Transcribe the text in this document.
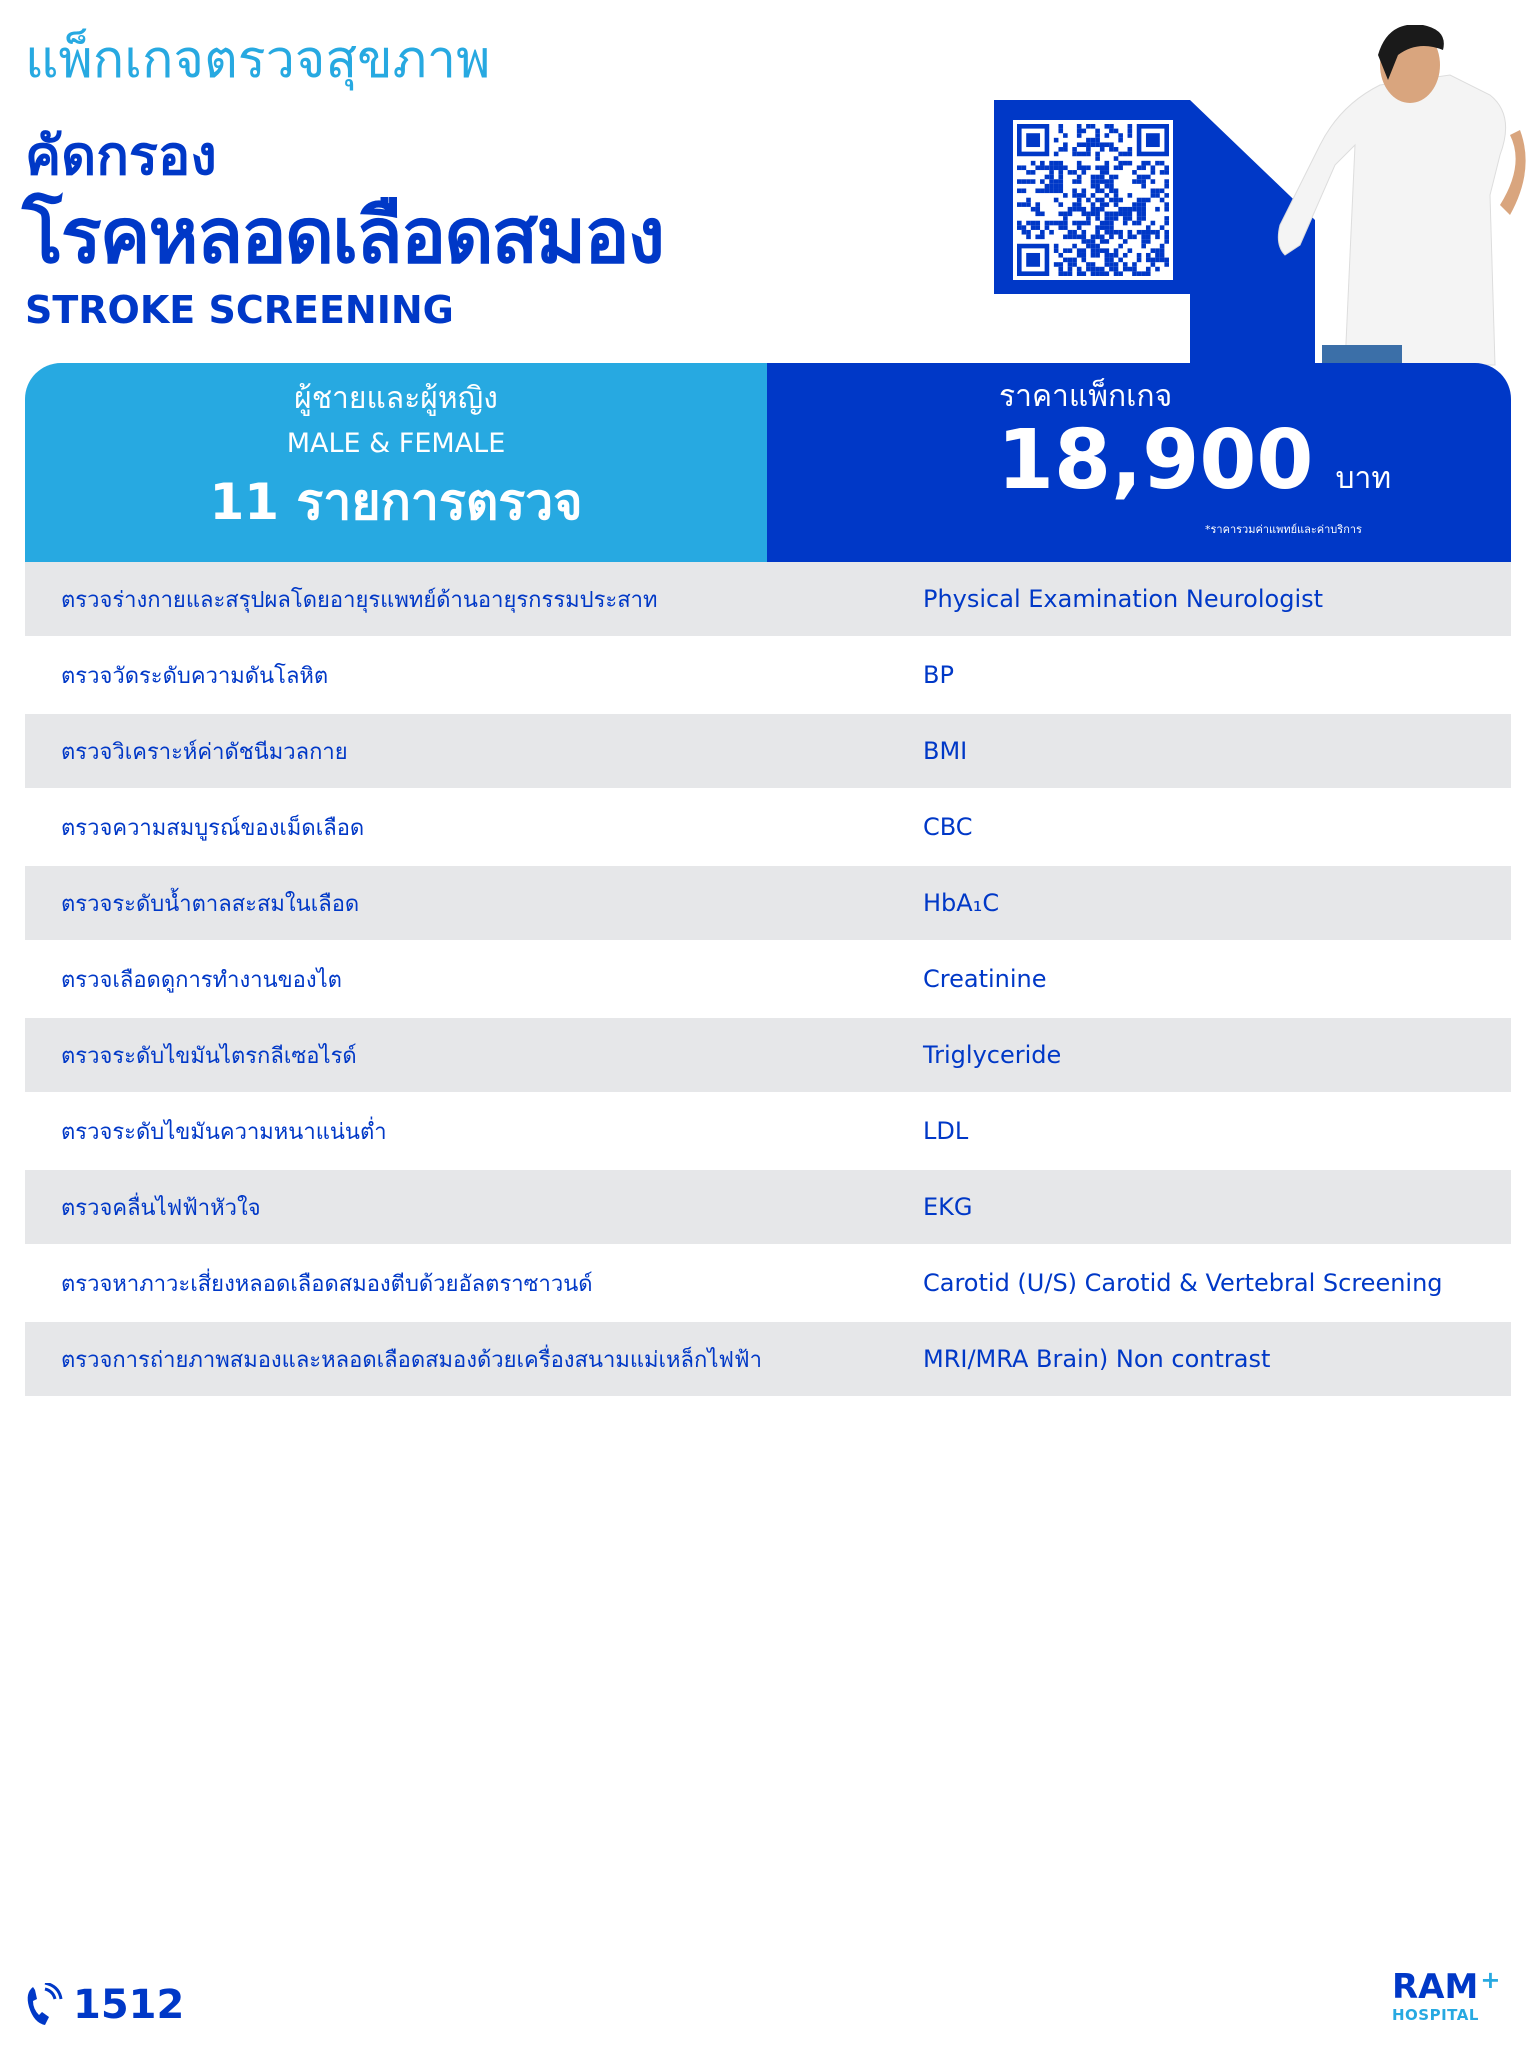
แพ็กเกจตรวจสุขภาพ
คัดกรอง
โรคหลอดเลือดสมอง
STROKE SCREENING
ผู้ชายและผู้หญิง
MALE & FEMALE
11 รายการตรวจ
ราคาแพ็กเกจ
18,900 บาท
*ราคารวมค่าแพทย์และค่าบริการ
ตรวจร่างกายและสรุปผลโดยอายุรแพทย์ด้านอายุรกรรมประสาท	Physical Examination Neurologist
ตรวจวัดระดับความดันโลหิต	BP
ตรวจวิเคราะห์ค่าดัชนีมวลกาย	BMI
ตรวจความสมบูรณ์ของเม็ดเลือด	CBC
ตรวจระดับน้ำตาลสะสมในเลือด	HbA₁C
ตรวจเลือดดูการทำงานของไต	Creatinine
ตรวจระดับไขมันไตรกลีเซอไรด์	Triglyceride
ตรวจระดับไขมันความหนาแน่นต่ำ	LDL
ตรวจคลื่นไฟฟ้าหัวใจ	EKG
ตรวจหาภาวะเสี่ยงหลอดเลือดสมองตีบด้วยอัลตราซาวนด์	Carotid (U/S) Carotid & Vertebral Screening
ตรวจการถ่ายภาพสมองและหลอดเลือดสมองด้วยเครื่องสนามแม่เหล็กไฟฟ้า	MRI/MRA Brain) Non contrast
1512	RAM +
HOSPITAL
